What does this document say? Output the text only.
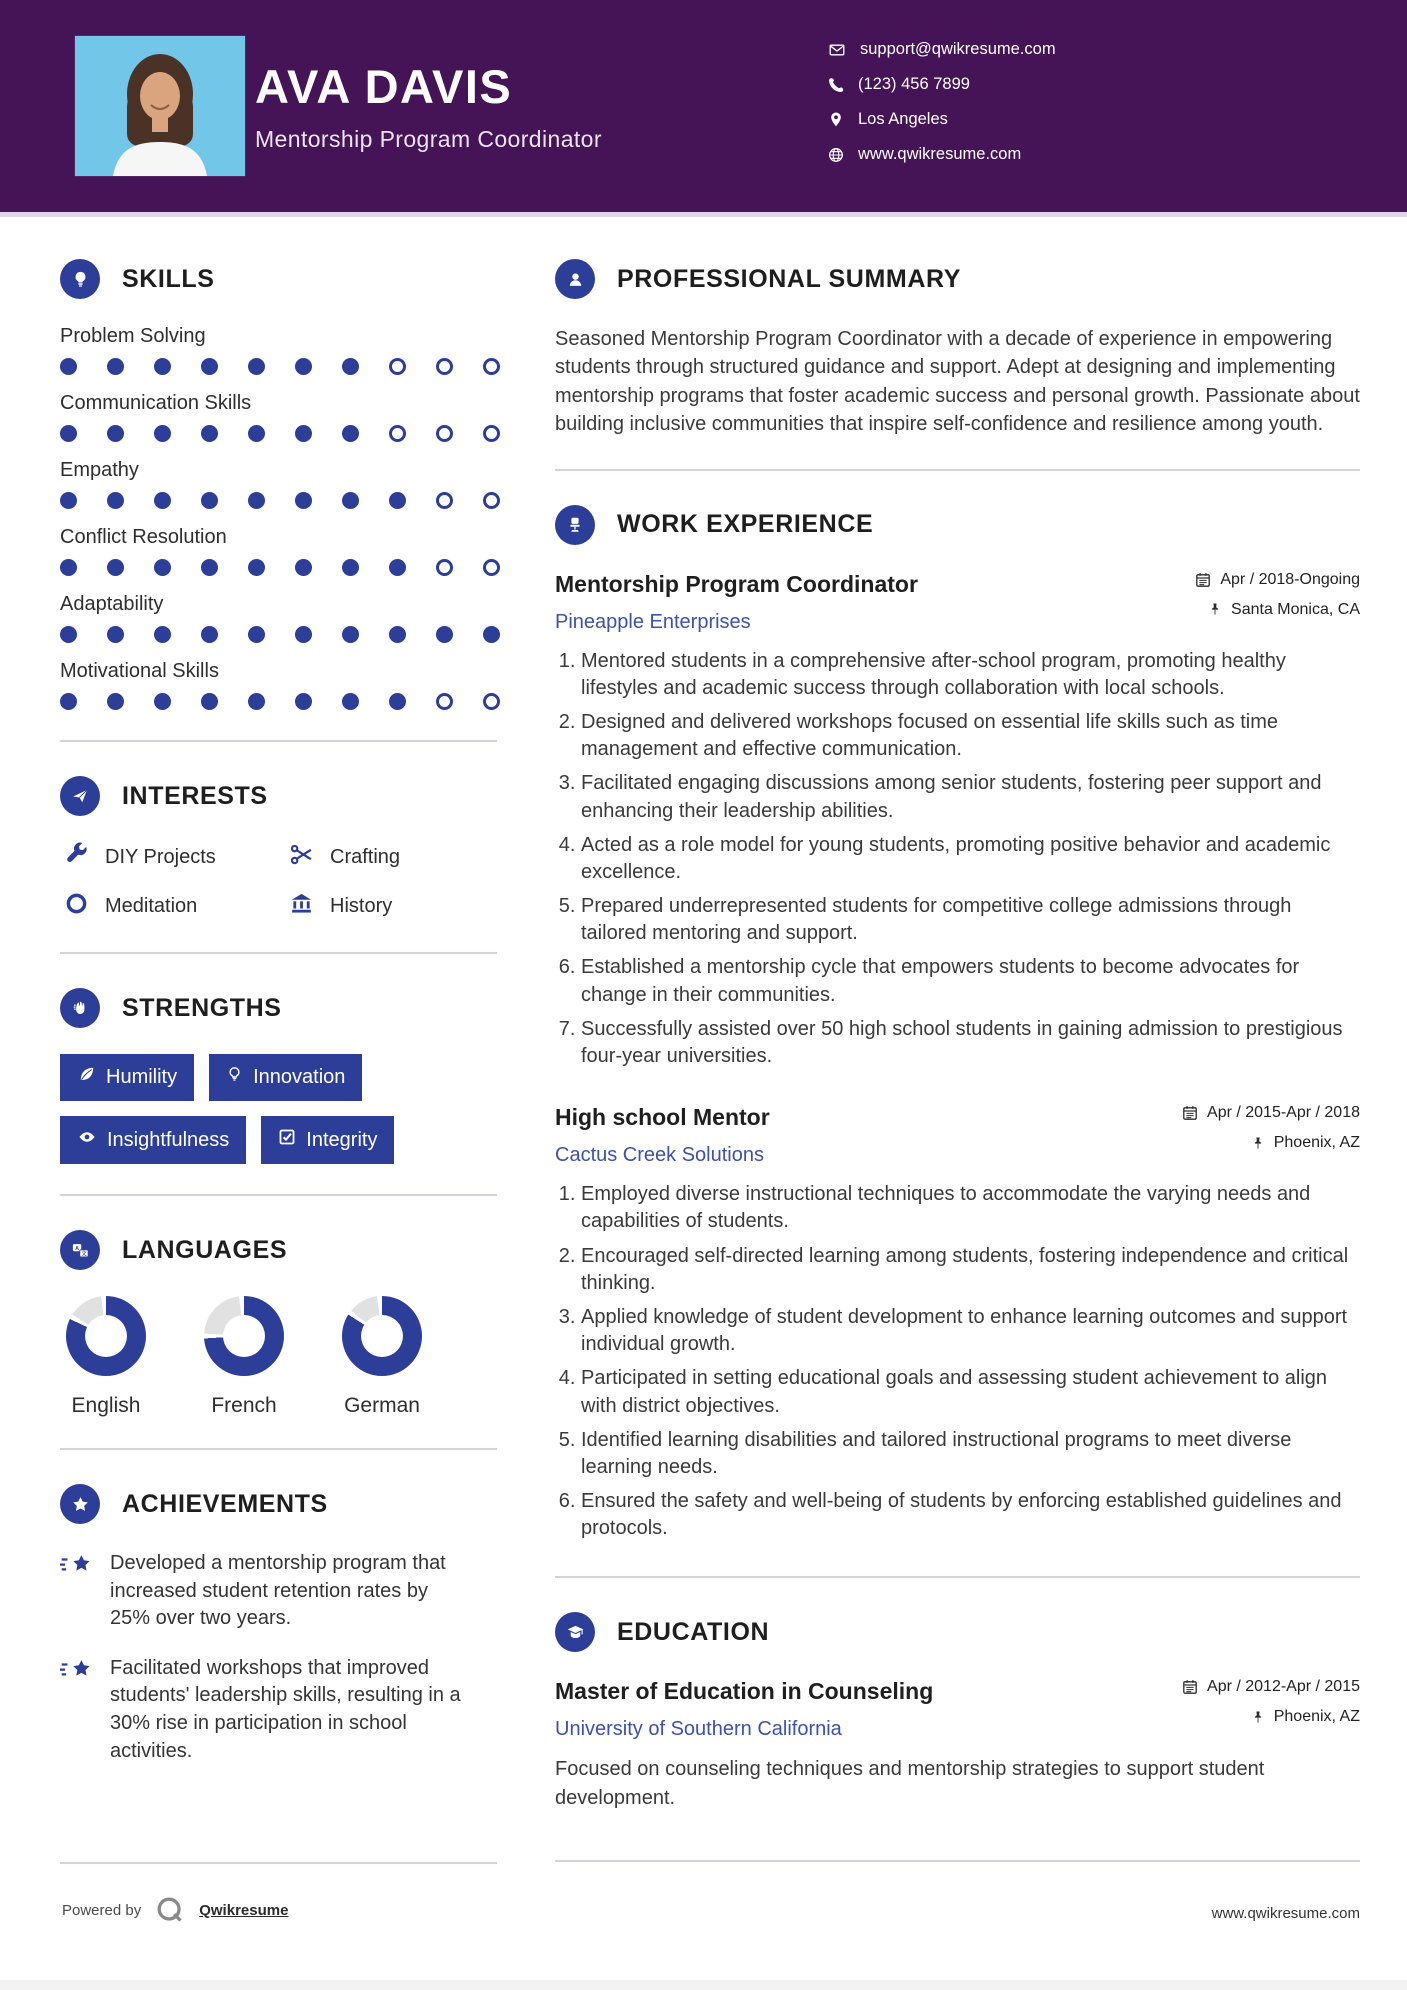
AVA DAVIS
Mentorship Program Coordinator
support@qwikresume.com
(123) 456 7899
Los Angeles
www.qwikresume.com
SKILLS
Problem Solving
Communication Skills
Empathy
Conflict Resolution
Adaptability
Motivational Skills
INTERESTS
DIY Projects	Crafting
Meditation	History
STRENGTHS
Humility	Innovation
Insightfulness	Integrity
A
文 LANGUAGES
English	French	German
ACHIEVEMENTS

Developed a mentorship program that increased student retention rates by 25% over two years.

Facilitated workshops that improved students' leadership skills, resulting in a 30% rise in participation in school activities.

PROFESSIONAL SUMMARY

Seasoned Mentorship Program Coordinator with a decade of experience in empowering students through structured guidance and support. Adept at designing and implementing mentorship programs that foster academic success and personal growth. Passionate about building inclusive communities that inspire self-confidence and resilience among youth.

WORK EXPERIENCE
Mentorship Program Coordinator
Pineapple Enterprises
Apr / 2018-Ongoing
Santa Monica, CA
1. Mentored students in a comprehensive after-school program, promoting healthy lifestyles and academic success through collaboration with local schools.
2. Designed and delivered workshops focused on essential life skills such as time management and effective communication.
3. Facilitated engaging discussions among senior students, fostering peer support and enhancing their leadership abilities.
4. Acted as a role model for young students, promoting positive behavior and academic excellence.
5. Prepared underrepresented students for competitive college admissions through tailored mentoring and support.
6. Established a mentorship cycle that empowers students to become advocates for change in their communities.
7. Successfully assisted over 50 high school students in gaining admission to prestigious four-year universities.
High school Mentor
Cactus Creek Solutions
Apr / 2015-Apr / 2018
Phoenix, AZ
1. Employed diverse instructional techniques to accommodate the varying needs and capabilities of students.
2. Encouraged self-directed learning among students, fostering independence and critical thinking.
3. Applied knowledge of student development to enhance learning outcomes and support individual growth.
4. Participated in setting educational goals and assessing student achievement to align with district objectives.
5. Identified learning disabilities and tailored instructional programs to meet diverse learning needs.
6. Ensured the safety and well-being of students by enforcing established guidelines and protocols.
EDUCATION
Master of Education in Counseling
University of Southern California
Apr / 2012-Apr / 2015
Phoenix, AZ

Focused on counseling techniques and mentorship strategies to support student development.

Powered by	Qwikresume	www.qwikresume.com
